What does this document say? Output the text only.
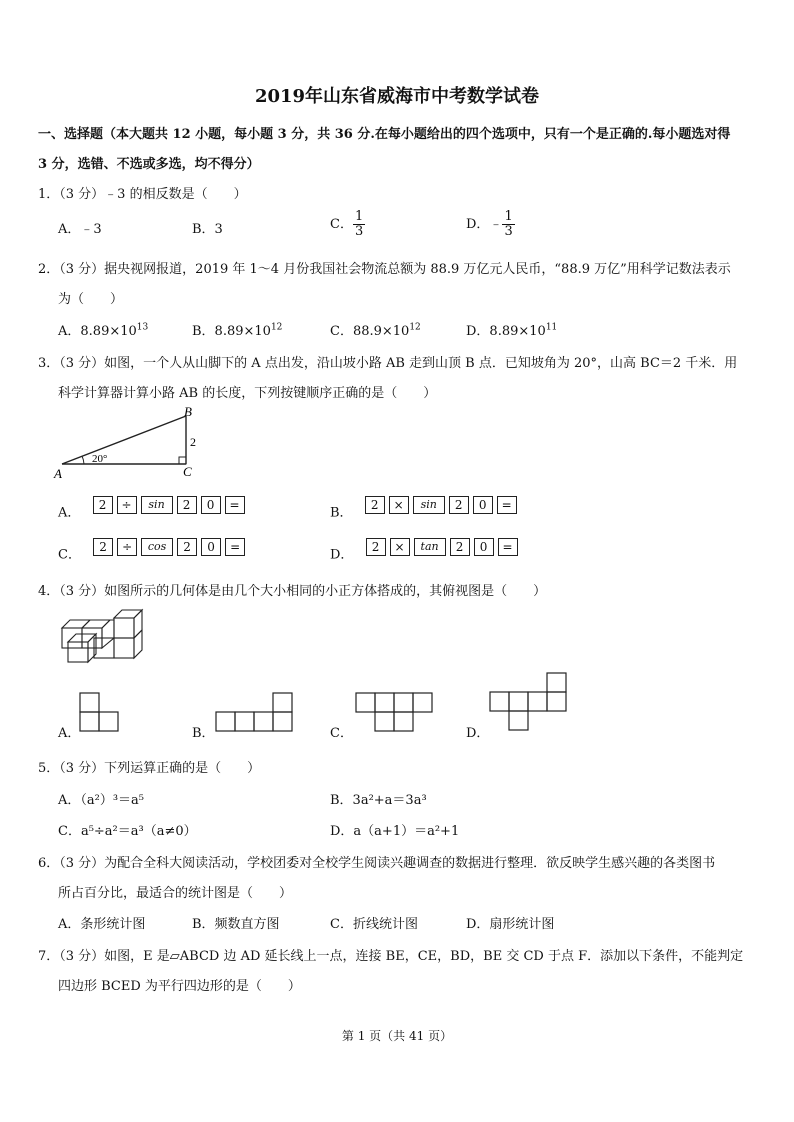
2019年山东省威海市中考数学试卷
一、选择题（本大题共 12 小题，每小题 3 分，共 36 分.在每小题给出的四个选项中，只有一个是正确的.每小题选对得
3 分，选错、不选或多选，均不得分）
1．（3 分）﹣3 的相反数是（　　）
A．﹣3	B．3	C． $\frac{1}{3}$	D．﹣ $\frac{1}{3}$
2．（3 分）据央视网报道，2019 年 1～4 月份我国社会物流总额为 88.9 万亿元人民币，“88.9 万亿”用科学记数法表示
为（　　）
A．$8.89\times 10^{13}$	B．$8.89\times 10^{12}$	C．$88.9\times 10^{12}$	D．$8.89\times 10^{11}$
3．（3 分）如图，一个人从山脚下的 A 点出发，沿山坡小路 AB 走到山顶 B 点．已知坡角为 20°，山高 BC＝2 千米．用
科学计算器计算小路 AB 的长度，下列按键顺序正确的是（　　）
A
B
C
20°
2
A．
2	÷	sin	2	0	=
B．
2	×	sin	2	0	=
C．
2	÷	cos	2	0	=
D．
2	×	tan	2	0	=
4．（3 分）如图所示的几何体是由几个大小相同的小正方体搭成的，其俯视图是（　　）
A．	B．	C．	D．
5．（3 分）下列运算正确的是（　　）
A．（a²）³＝a⁵	B．3a²+a＝3a³
C．a⁵÷a²＝a³（a≠0）	D．a（a+1）＝a²+1
6．（3 分）为配合全科大阅读活动，学校团委对全校学生阅读兴趣调查的数据进行整理．欲反映学生感兴趣的各类图书
所占百分比，最适合的统计图是（　　）
A．条形统计图	B．频数直方图	C．折线统计图	D．扇形统计图
7．（3 分）如图，E 是▱ABCD 边 AD 延长线上一点，连接 BE，CE，BD，BE 交 CD 于点 F．添加以下条件，不能判定
四边形 BCED 为平行四边形的是（　　）
第 1 页（共 41 页）
